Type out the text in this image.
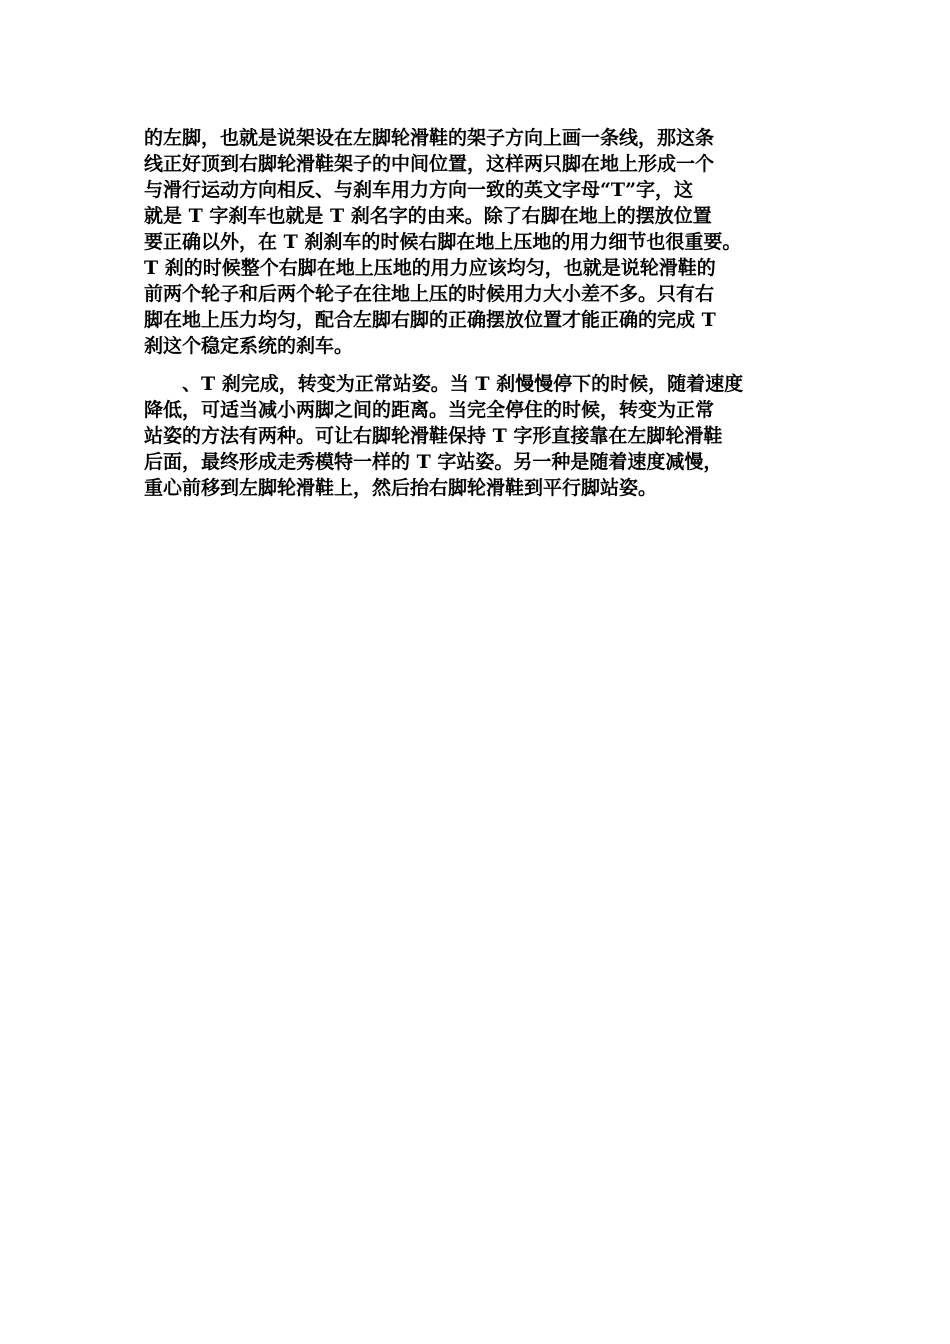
的左脚，也就是说架设在左脚轮滑鞋的架子方向上画一条线，那这条
线正好顶到右脚轮滑鞋架子的中间位置，这样两只脚在地上形成一个
与滑行运动方向相反、与刹车用力方向一致的英文字母“T”字，这
就是 T 字刹车也就是 T 刹名字的由来。除了右脚在地上的摆放位置
要正确以外，在 T 刹刹车的时候右脚在地上压地的用力细节也很重要。
T 刹的时候整个右脚在地上压地的用力应该均匀，也就是说轮滑鞋的
前两个轮子和后两个轮子在往地上压的时候用力大小差不多。只有右
脚在地上压力均匀，配合左脚右脚的正确摆放位置才能正确的完成 T
刹这个稳定系统的刹车。
　　、T 刹完成，转变为正常站姿。当 T 刹慢慢停下的时候，随着速度
降低，可适当减小两脚之间的距离。当完全停住的时候，转变为正常
站姿的方法有两种。可让右脚轮滑鞋保持 T 字形直接靠在左脚轮滑鞋
后面，最终形成走秀模特一样的 T 字站姿。另一种是随着速度减慢，
重心前移到左脚轮滑鞋上，然后抬右脚轮滑鞋到平行脚站姿。
